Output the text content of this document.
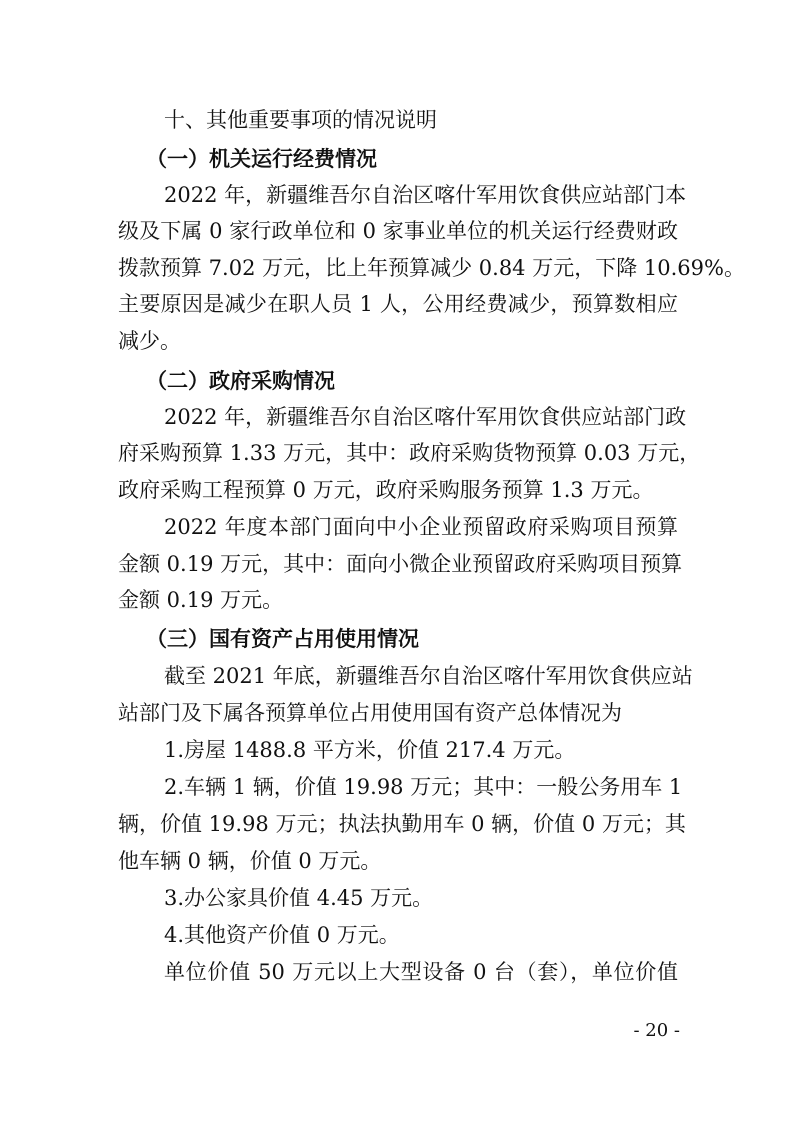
十、其他重要事项的情况说明
（一）机关运行经费情况
2022 年，新疆维吾尔自治区喀什军用饮食供应站部门本
级及下属 0 家行政单位和 0 家事业单位的机关运行经费财政
拨款预算 7.02 万元，比上年预算减少 0.84 万元，下降 10.69%。
主要原因是减少在职人员 1 人，公用经费减少，预算数相应
减少。
（二）政府采购情况
2022 年，新疆维吾尔自治区喀什军用饮食供应站部门政
府采购预算 1.33 万元，其中：政府采购货物预算 0.03 万元，
政府采购工程预算 0 万元，政府采购服务预算 1.3 万元。
2022 年度本部门面向中小企业预留政府采购项目预算
金额 0.19 万元，其中：面向小微企业预留政府采购项目预算
金额 0.19 万元。
（三）国有资产占用使用情况
截至 2021 年底，新疆维吾尔自治区喀什军用饮食供应站
站部门及下属各预算单位占用使用国有资产总体情况为
1.房屋 1488.8 平方米，价值 217.4 万元。
2.车辆 1 辆，价值 19.98 万元；其中：一般公务用车 1
辆，价值 19.98 万元；执法执勤用车 0 辆，价值 0 万元；其
他车辆 0 辆，价值 0 万元。
3.办公家具价值 4.45 万元。
4.其他资产价值 0 万元。
单位价值 50 万元以上大型设备 0 台（套），单位价值
- 20 -
